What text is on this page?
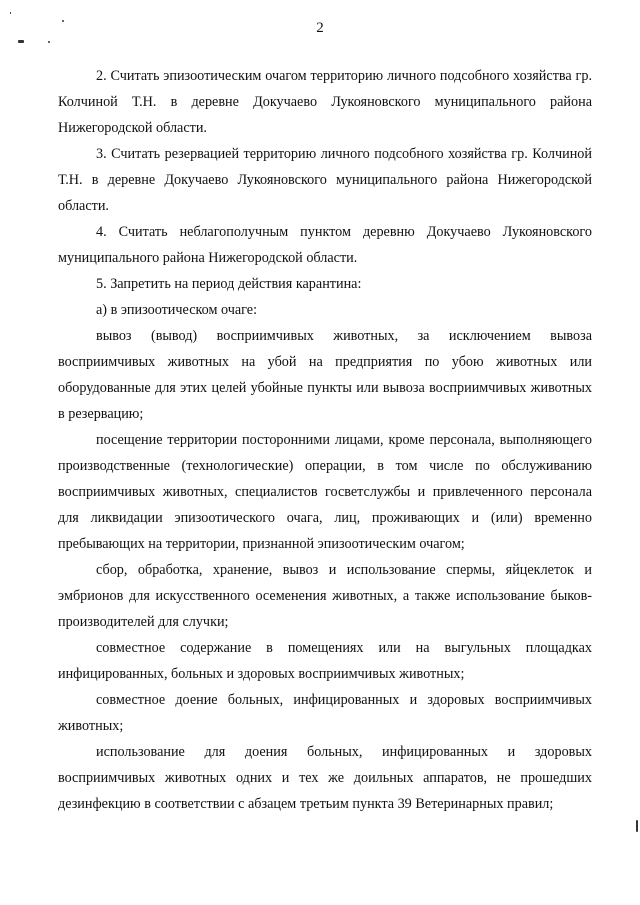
2

2. Считать эпизоотическим очагом территорию личного подсобного хозяйства гр. Колчиной Т.Н. в деревне Докучаево Лукояновского муниципального района Нижегородской области.

3. Считать резервацией территорию личного подсобного хозяйства гр. Колчиной Т.Н. в деревне Докучаево Лукояновского муниципального района Нижегородской области.

4. Считать неблагополучным пунктом деревню Докучаево Лукояновского муниципального района Нижегородской области.

5. Запретить на период действия карантина:

а) в эпизоотическом очаге:

вывоз (вывод) восприимчивых животных, за исключением вывоза восприимчивых животных на убой на предприятия по убою животных или оборудованные для этих целей убойные пункты или вывоза восприимчивых животных в резервацию;

посещение территории посторонними лицами, кроме персонала, выполняющего производственные (технологические) операции, в том числе по обслуживанию восприимчивых животных, специалистов госветслужбы и привлеченного персонала для ликвидации эпизоотического очага, лиц, проживающих и (или) временно пребывающих на территории, признанной эпизоотическим очагом;

сбор, обработка, хранение, вывоз и использование спермы, яйцеклеток и эмбрионов для искусственного осеменения животных, а также использование быков-производителей для случки;

совместное содержание в помещениях или на выгульных площадках инфицированных, больных и здоровых восприимчивых животных;

совместное доение больных, инфицированных и здоровых восприимчивых животных;

использование для доения больных, инфицированных и здоровых восприимчивых животных одних и тех же доильных аппаратов, не прошедших дезинфекцию в соответствии с абзацем третьим пункта 39 Ветеринарных правил;
